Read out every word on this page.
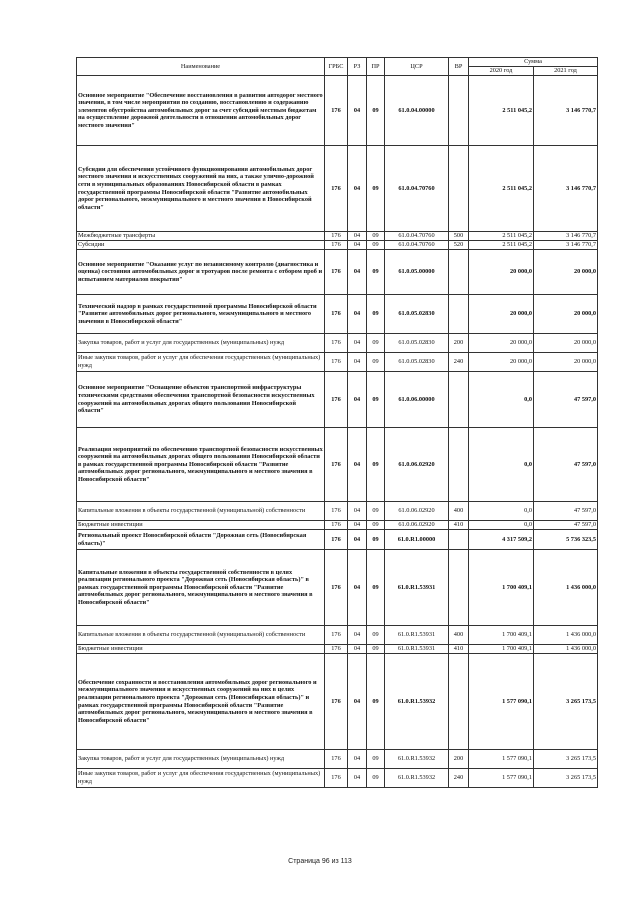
Наименование	ГРБС	РЗ	ПР	ЦСР	ВР	Сумма	
						2020 год	2021 год
Основное мероприятие "Обеспечение восстановления в развитии автодорог местного значения, в том числе мероприятия по созданию, восстановлению и содержанию элементов обустройства автомобильных дорог за счет субсидий местным бюджетам на осуществление дорожной деятельности в отношении автомобильных дорог местного значения"	176	04	09	61.0.04.00000		2 511 045,2	3 146 770,7
Субсидии для обеспечения устойчивого функционирования автомобильных дорог местного значения и искусственных сооружений на них, а также улично-дорожной сети в муниципальных образованиях Новосибирской области в рамках государственной программы Новосибирской области "Развитие автомобильных дорог регионального, межмуниципального и местного значения в Новосибирской области"	176	04	09	61.0.04.70760		2 511 045,2	3 146 770,7
Межбюджетные трансферты	176	04	09	61.0.04.70760	500	2 511 045,2	3 146 770,7
Субсидии	176	04	09	61.0.04.70760	520	2 511 045,2	3 146 770,7
Основное мероприятие "Оказание услуг по независимому контролю (диагностика и оценка) состояния автомобильных дорог и тротуаров после ремонта с отбором проб и испытанием материалов покрытия"	176	04	09	61.0.05.00000		20 000,0	20 000,0
Технический надзор в рамках государственной программы Новосибирской области "Развитие автомобильных дорог регионального, межмуниципального и местного значения в Новосибирской области"	176	04	09	61.0.05.02830		20 000,0	20 000,0
Закупка товаров, работ и услуг для государственных (муниципальных) нужд	176	04	09	61.0.05.02830	200	20 000,0	20 000,0
Иные закупки товаров, работ и услуг для обеспечения государственных (муниципальных) нужд	176	04	09	61.0.05.02830	240	20 000,0	20 000,0
Основное мероприятие "Оснащение объектов транспортной инфраструктуры техническими средствами обеспечения транспортной безопасности искусственных сооружений на автомобильных дорогах общего пользования Новосибирской области"	176	04	09	61.0.06.00000		0,0	47 597,0
Реализация мероприятий по обеспечению транспортной безопасности искусственных сооружений на автомобильных дорогах общего пользования Новосибирской области в рамках государственной программы Новосибирской области "Развитие автомобильных дорог регионального, межмуниципального и местного значения в Новосибирской области"	176	04	09	61.0.06.02920		0,0	47 597,0
Капитальные вложения в объекты государственной (муниципальной) собственности	176	04	09	61.0.06.02920	400	0,0	47 597,0
Бюджетные инвестиции	176	04	09	61.0.06.02920	410	0,0	47 597,0
Региональный проект Новосибирской области "Дорожная сеть (Новосибирская область)"	176	04	09	61.0.R1.00000		4 317 509,2	5 736 323,5
Капитальные вложения в объекты государственной собственности в целях реализации регионального проекта "Дорожная сеть (Новосибирская область)" в рамках государственной программы Новосибирской области "Развитие автомобильных дорог регионального, межмуниципального и местного значения в Новосибирской области"	176	04	09	61.0.R1.53931		1 700 409,1	1 436 000,0
Капитальные вложения в объекты государственной (муниципальной) собственности	176	04	09	61.0.R1.53931	400	1 700 409,1	1 436 000,0
Бюджетные инвестиции	176	04	09	61.0.R1.53931	410	1 700 409,1	1 436 000,0
Обеспечение сохранности и восстановления автомобильных дорог регионального и межмуниципального значения и искусственных сооружений на них в целях реализации регионального проекта "Дорожная сеть (Новосибирская область)" и рамках государственной программы Новосибирской области "Развитие автомобильных дорог регионального, межмуниципального и местного значения в Новосибирской области"	176	04	09	61.0.R1.53932		1 577 090,1	3 265 173,5
Закупка товаров, работ и услуг для государственных (муниципальных) нужд	176	04	09	61.0.R1.53932	200	1 577 090,1	3 265 173,5
Иные закупки товаров, работ и услуг для обеспечения государственных (муниципальных) нужд	176	04	09	61.0.R1.53932	240	1 577 090,1	3 265 173,5
Страница 96 из 113
